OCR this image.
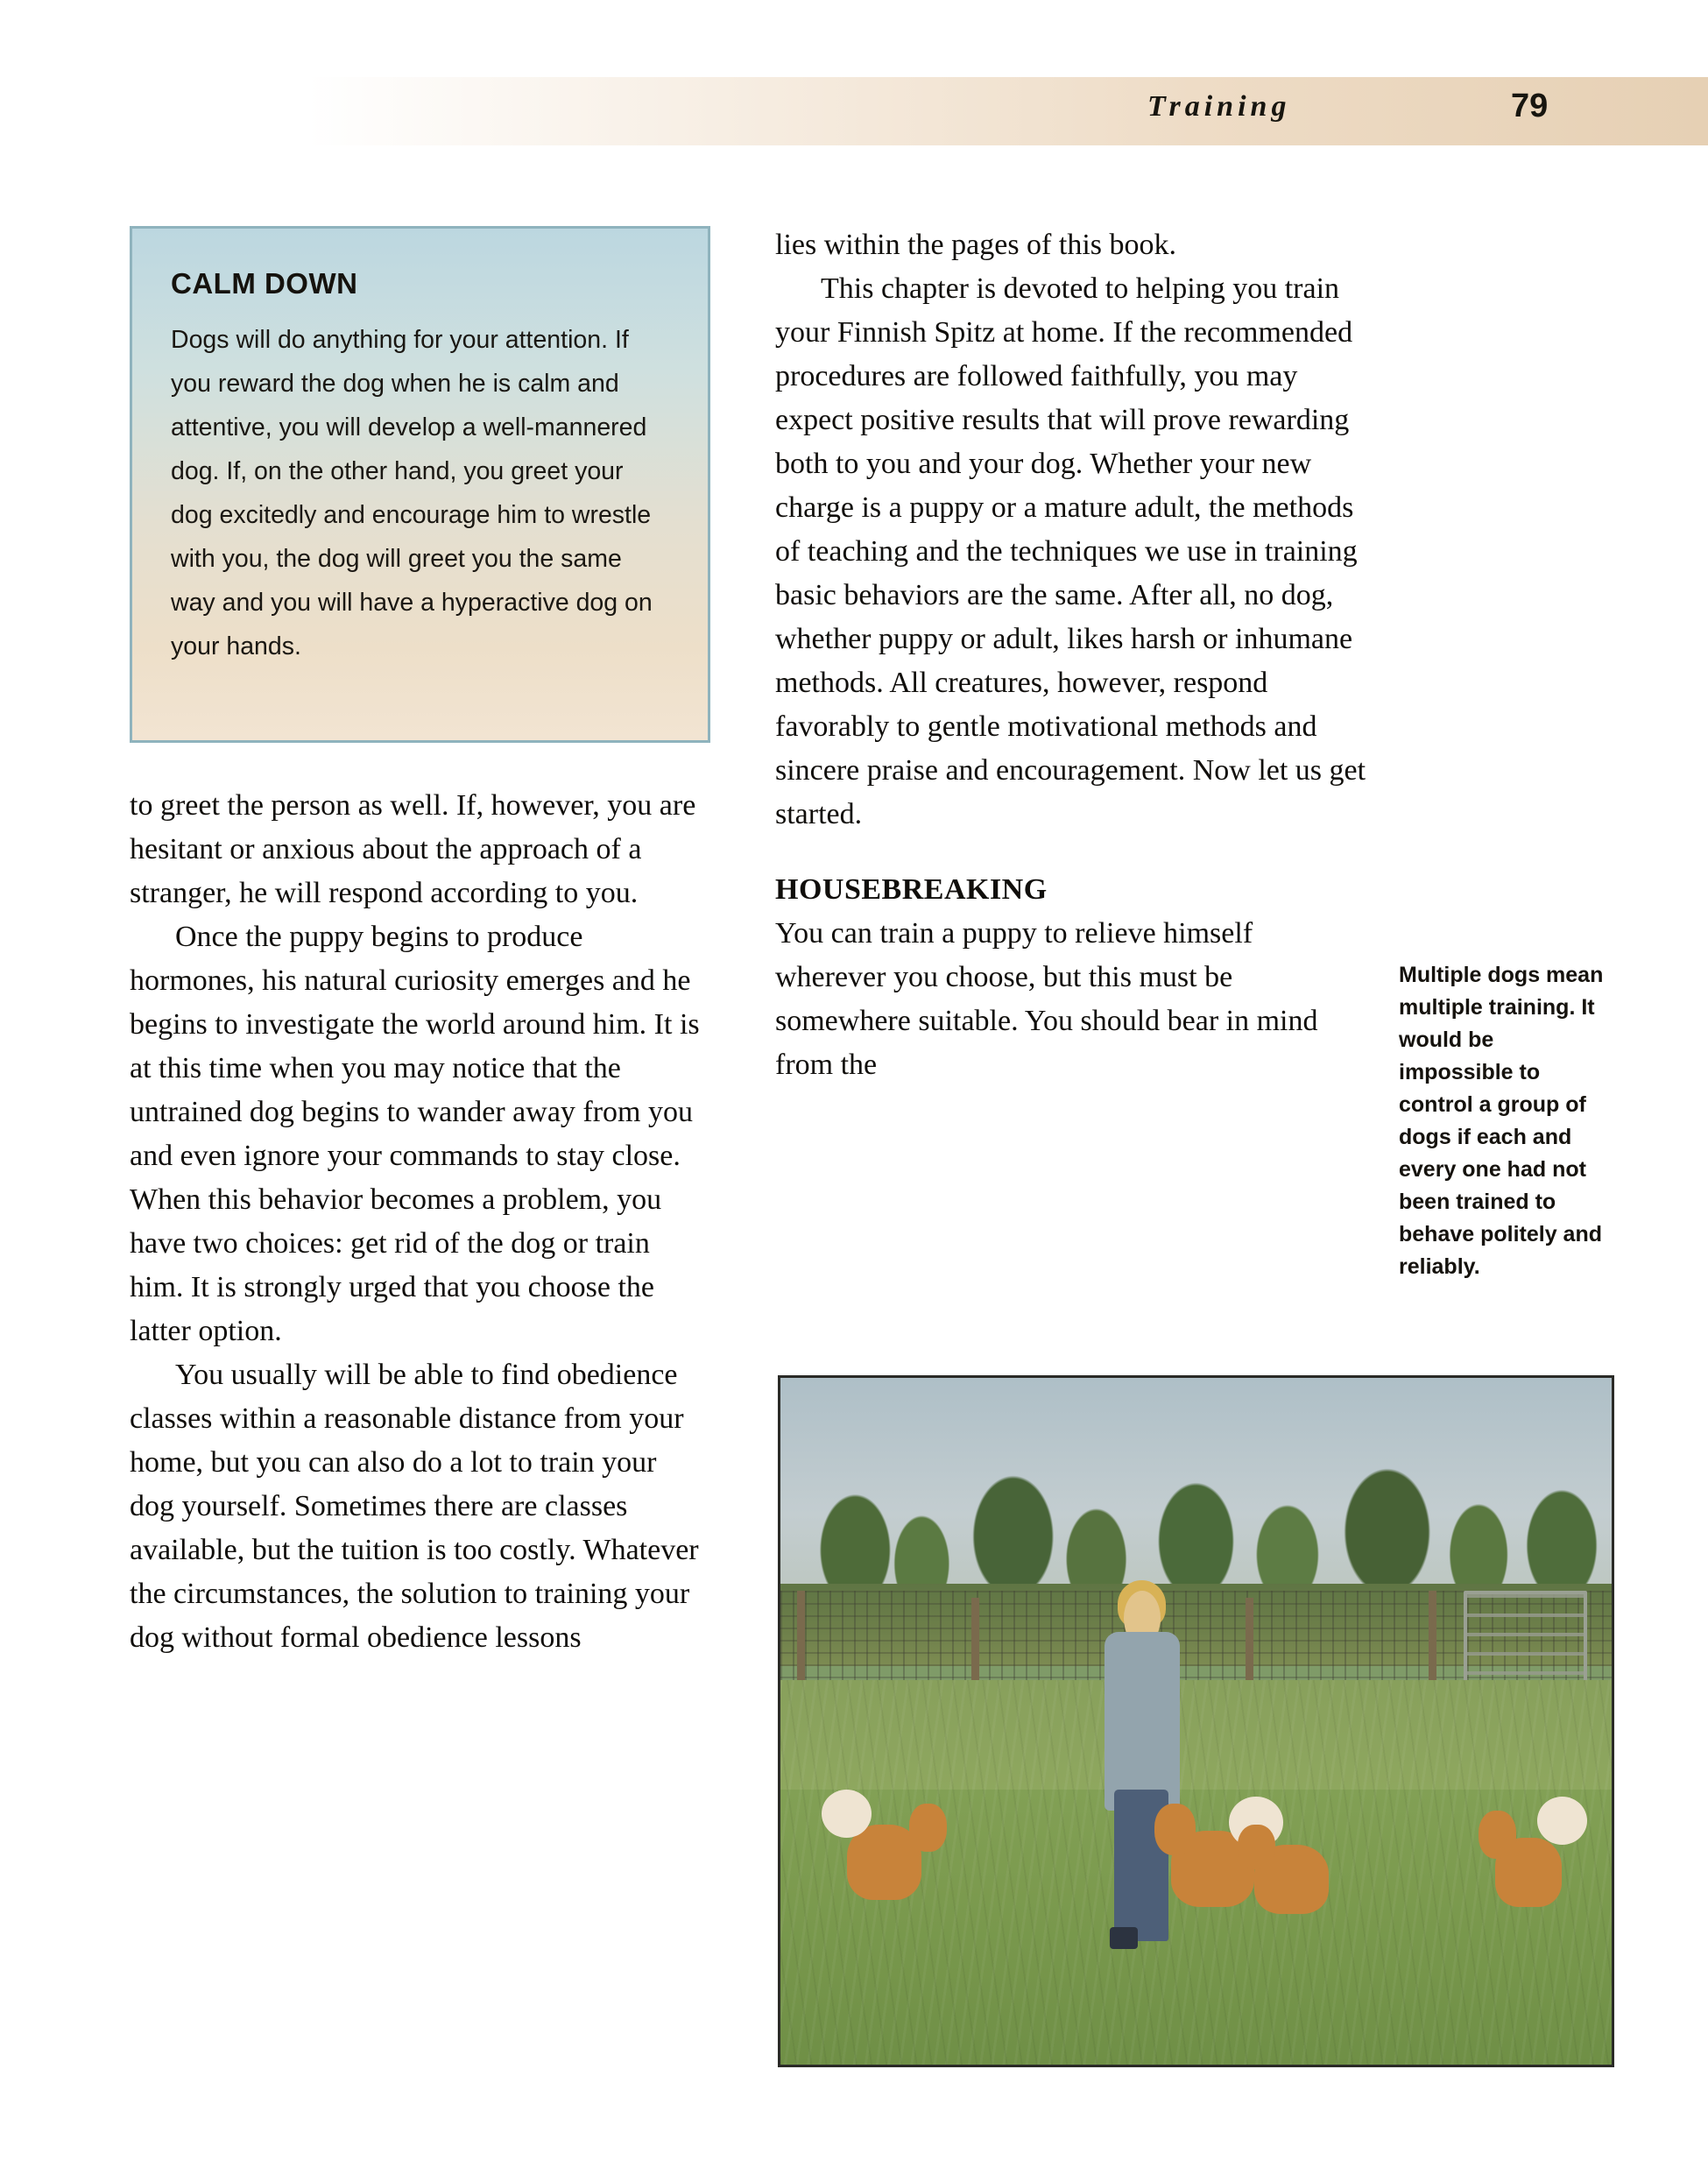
Training	79

CALM DOWN

Dogs will do anything for your attention. If you reward the dog when he is calm and attentive, you will develop a well-mannered dog. If, on the other hand, you greet your dog excitedly and encourage him to wrestle with you, the dog will greet you the same way and you will have a hyperactive dog on your hands.

to greet the person as well. If, however, you are hesitant or anxious about the approach of a stranger, he will respond according to you.

Once the puppy begins to produce hormones, his natural curiosity emerges and he begins to investigate the world around him. It is at this time when you may notice that the untrained dog begins to wander away from you and even ignore your commands to stay close. When this behavior becomes a problem, you have two choices: get rid of the dog or train him. It is strongly urged that you choose the latter option.

You usually will be able to find obedience classes within a reasonable distance from your home, but you can also do a lot to train your dog yourself. Sometimes there are classes available, but the tuition is too costly. Whatever the circumstances, the solution to training your dog without formal obedience lessons

lies within the pages of this book.

This chapter is devoted to helping you train your Finnish Spitz at home. If the recommended procedures are followed faithfully, you may expect positive results that will prove rewarding both to you and your dog. Whether your new charge is a puppy or a mature adult, the methods of teaching and the techniques we use in training basic behaviors are the same. After all, no dog, whether puppy or adult, likes harsh or inhumane methods. All creatures, however, respond favorably to gentle motivational methods and sincere praise and encouragement. Now let us get started.

HOUSEBREAKING

You can train a puppy to relieve himself wherever you choose, but this must be somewhere suitable. You should bear in mind from the

Multiple dogs mean multiple training. It would be impossible to control a group of dogs if each and every one had not been trained to behave politely and reliably.
